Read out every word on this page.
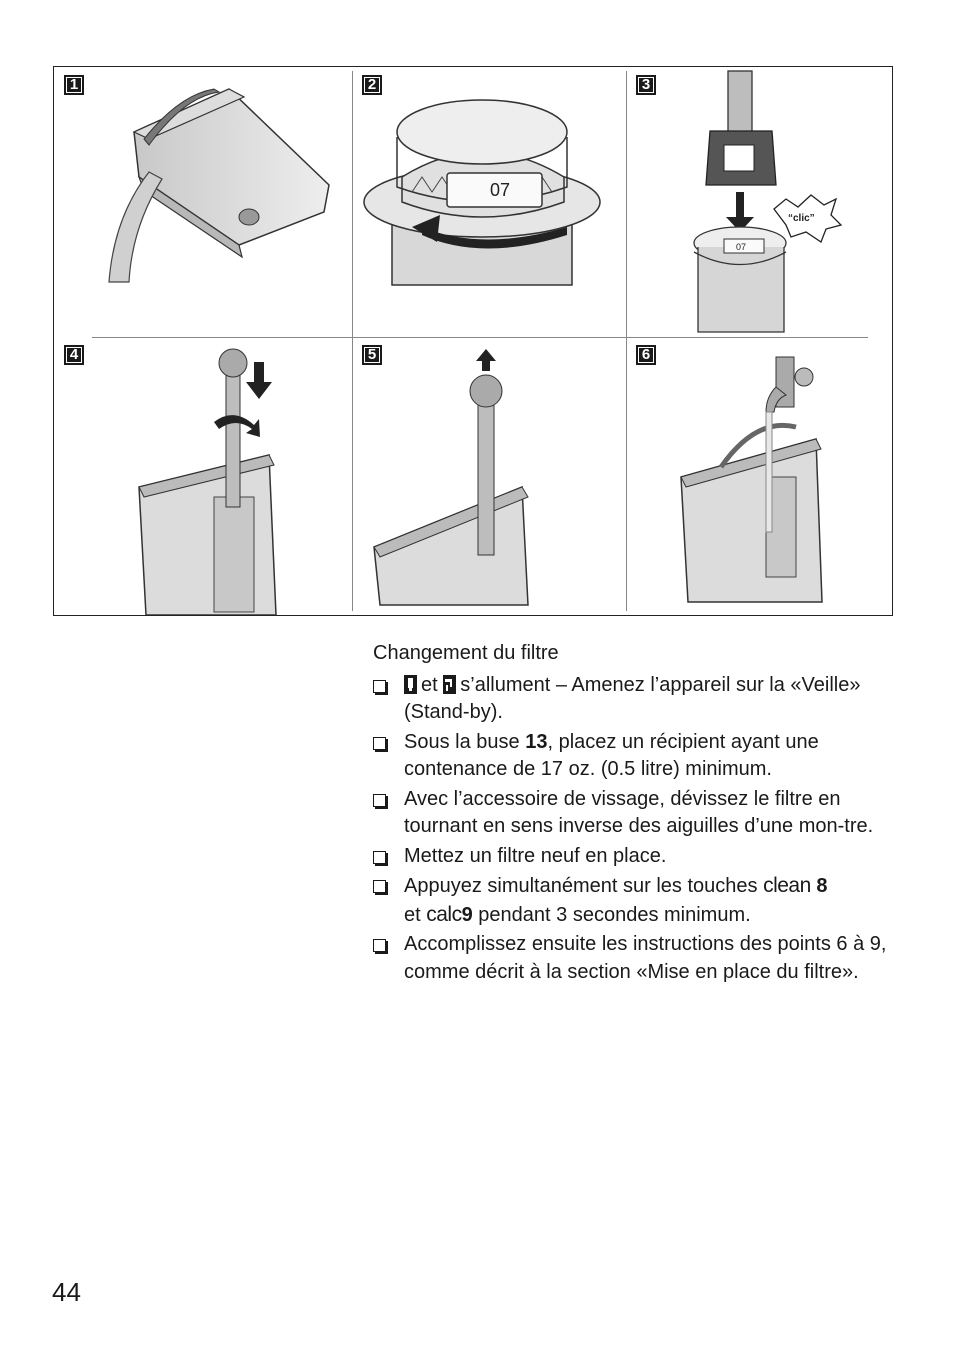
1
07
2
“clic”
07
3
4	5	6
Changement du filtre
et s’allument – Amenez l’appareil sur la «Veille» (Stand-by).
Sous la buse 13, placez un récipient ayant une contenance de 17 oz. (0.5 litre) minimum.
Avec l’accessoire de vissage, dévissez le filtre en tournant en sens inverse des aiguilles d’une mon-tre.
Mettez un filtre neuf en place.
Appuyez simultanément sur les touches clean 8
et calc9 pendant 3 secondes minimum.
Accomplissez ensuite les instructions des points 6 à 9, comme décrit à la section «Mise en place du filtre».
44
